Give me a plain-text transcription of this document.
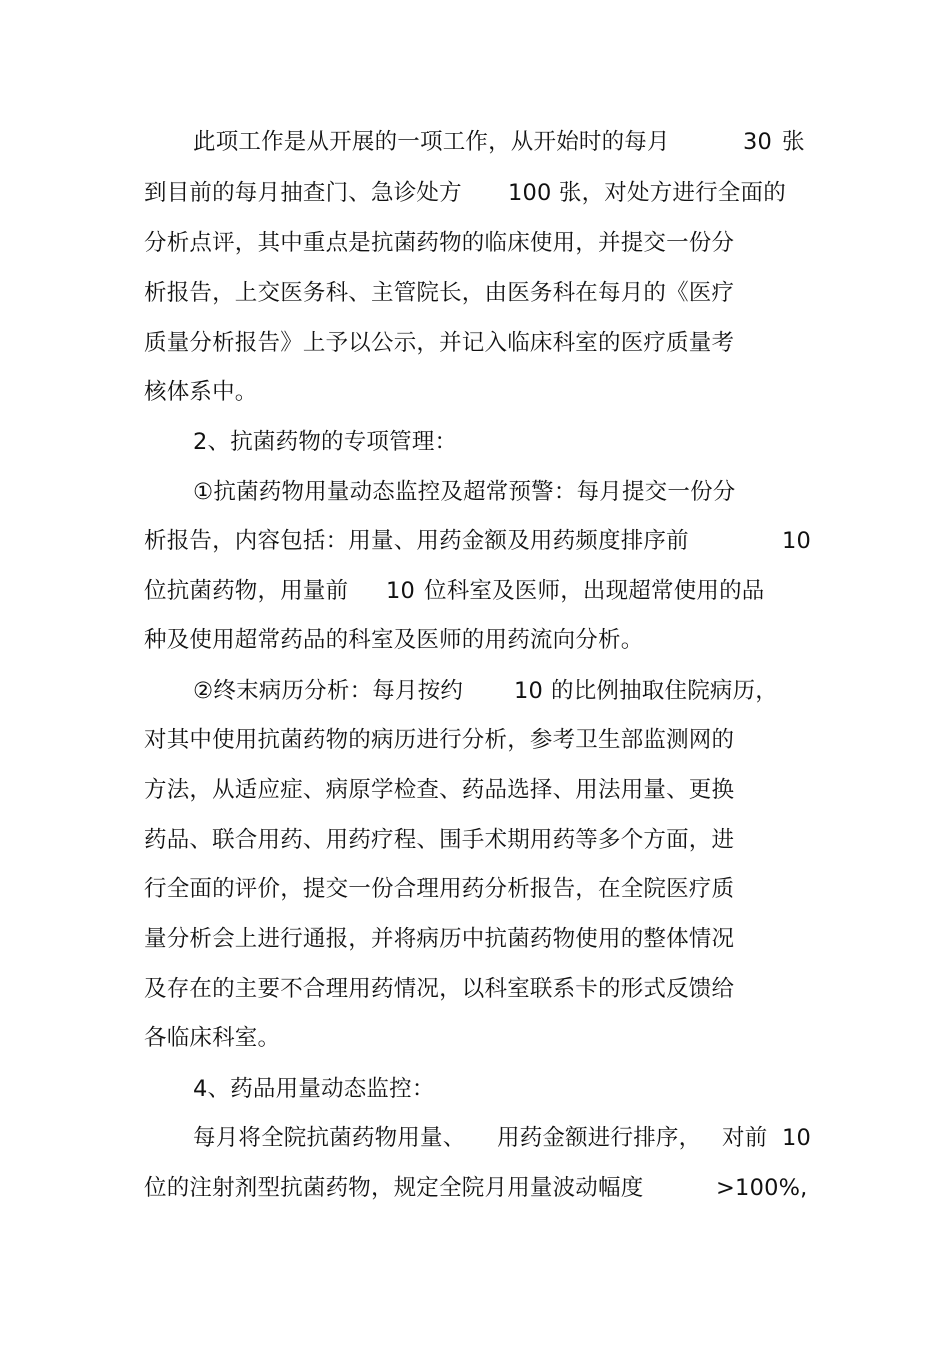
此项工作是从开展的一项工作，从开始时的每月	30 张
到目前的每月抽查门、急诊处方 100 张，对处方进行全面的
分析点评，其中重点是抗菌药物的临床使用，并提交一份分
析报告，上交医务科、主管院长，由医务科在每月的《医疗
质量分析报告》上予以公示，并记入临床科室的医疗质量考
核体系中。
2、抗菌药物的专项管理：
①抗菌药物用量动态监控及超常预警：每月提交一份分
析报告，内容包括：用量、用药金额及用药频度排序前	10
位抗菌药物，用量前 10 位科室及医师，出现超常使用的品
种及使用超常药品的科室及医师的用药流向分析。
②终末病历分析：每月按约 10 的比例抽取住院病历，
对其中使用抗菌药物的病历进行分析，参考卫生部监测网的
方法，从适应症、病原学检查、药品选择、用法用量、更换
药品、联合用药、用药疗程、围手术期用药等多个方面，进
行全面的评价，提交一份合理用药分析报告，在全院医疗质
量分析会上进行通报，并将病历中抗菌药物使用的整体情况
及存在的主要不合理用药情况，以科室联系卡的形式反馈给
各临床科室。
4、药品用量动态监控：
每月将全院抗菌药物用量、 用药金额进行排序， 对前 10
位的注射剂型抗菌药物，规定全院月用量波动幅度	>100%,
